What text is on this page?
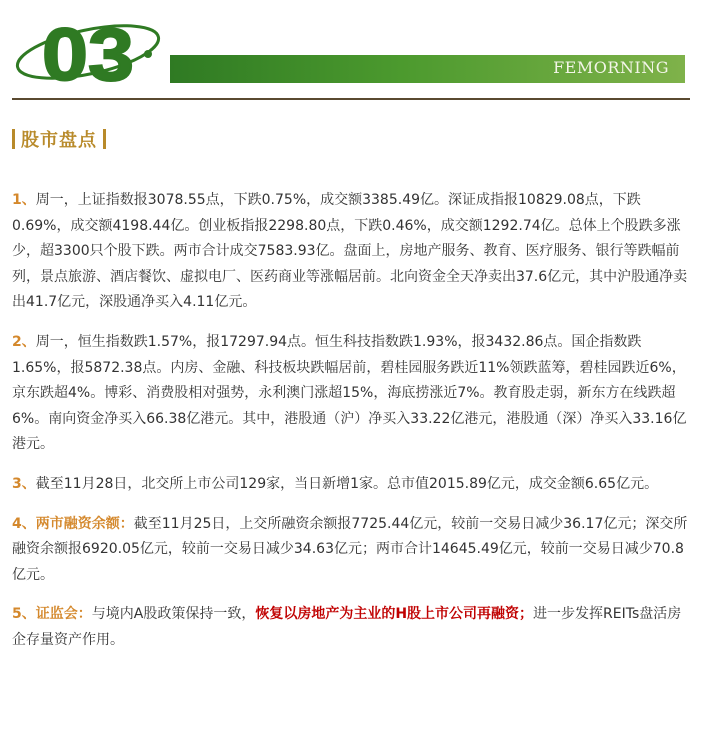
03	FEMORNING
股市盘点

1、周一，上证指数报3078.55点，下跌0.75%，成交额3385.49亿。深证成指报10829.08点，下跌0.69%，成交额4198.44亿。创业板指报2298.80点，下跌0.46%，成交额1292.74亿。总体上个股跌多涨少，超3300只个股下跌。两市合计成交7583.93亿。盘面上，房地产服务、教育、医疗服务、银行等跌幅前列，景点旅游、酒店餐饮、虚拟电厂、医药商业等涨幅居前。北向资金全天净卖出37.6亿元，其中沪股通净卖出41.7亿元，深股通净买入4.11亿元。

2、周一，恒生指数跌1.57%，报17297.94点。恒生科技指数跌1.93%，报3432.86点。国企指数跌1.65%，报5872.38点。内房、金融、科技板块跌幅居前，碧桂园服务跌近11%领跌蓝筹，碧桂园跌近6%，京东跌超4%。博彩、消费股相对强势，永利澳门涨超15%，海底捞涨近7%。教育股走弱，新东方在线跌超6%。南向资金净买入66.38亿港元。其中，港股通（沪）净买入33.22亿港元，港股通（深）净买入33.16亿港元。

3、截至11月28日，北交所上市公司129家，当日新增1家。总市值2015.89亿元，成交金额6.65亿元。

4、两市融资余额：截至11月25日，上交所融资余额报7725.44亿元，较前一交易日减少36.17亿元；深交所融资余额报6920.05亿元，较前一交易日减少34.63亿元；两市合计14645.49亿元，较前一交易日减少70.8亿元。

5、证监会：与境内A股政策保持一致，恢复以房地产为主业的H股上市公司再融资；进一步发挥REITs盘活房企存量资产作用。
